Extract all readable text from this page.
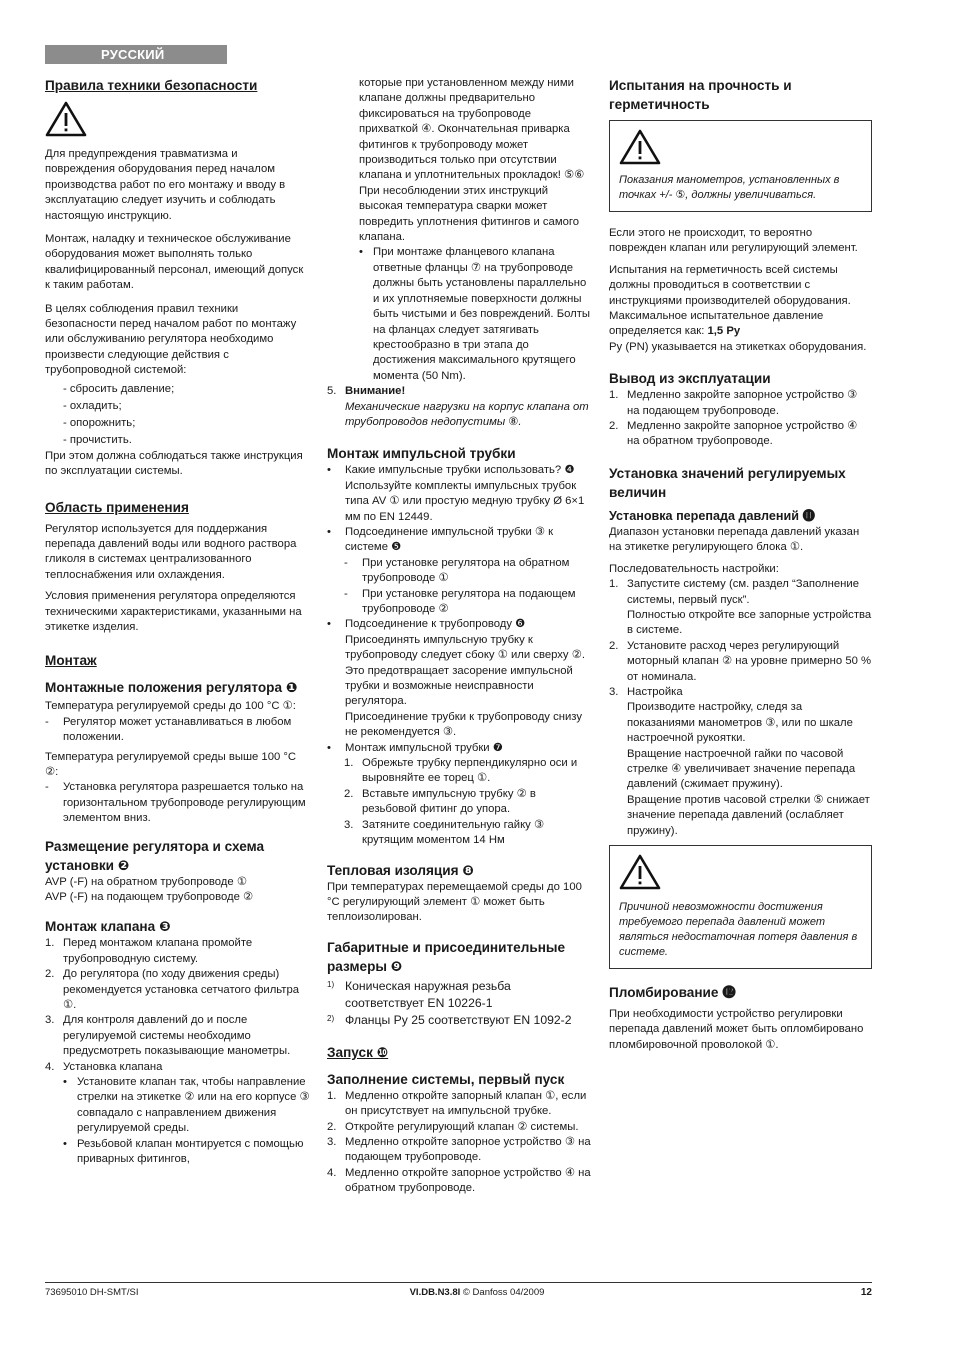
РУССКИЙ
Правила техники безопасности

Для предупреждения травматизма и повреждения оборудования перед началом производства работ по его монтажу и вводу в эксплуатацию следует изучить и соблюдать настоящую инструкцию.

Монтаж, наладку и техническое обслуживание оборудования может выполнять только квалифицированный персонал, имеющий допуск к таким работам.

В целях соблюдения правил техники безопасности перед началом работ по монтажу или обслуживанию регулятора необходимо произвести следующие действия с трубопроводной системой:

- сбросить давление;
- охладить;
- опорожнить;
- прочистить.

При этом должна соблюдаться также инструкция по эксплуатации системы.

Область применения

Регулятор используется для поддержания перепада давлений воды или водного раствора гликоля в системах централизованного теплоснабжения или охлаждения.

Условия применения регулятора определяются техническими характеристиками, указанными на этикетке изделия.

Монтаж
Монтажные положения регулятора ❶

Температура регулируемой среды до 100 °C ①:

- Регулятор может устанавливаться в любом положении.

Температура регулируемой среды выше 100 °C ②:

- Установка регулятора разрешается только на горизонтальном трубопроводе регулирующим элементом вниз.
Размещение регулятора и схема установки ❷
AVP (-F) на обратном трубопроводе ①
AVP (-F) на подающем трубопроводе ②
Монтаж клапана ❸
1. Перед монтажом клапана промойте трубопроводную систему.
2. До регулятора (по ходу движения среды) рекомендуется установка сетчатого фильтра ①.
3. Для контроля давлений до и после регулируемой системы необходимо предусмотреть показывающие манометры.
4. Установка клапана
• Установите клапан так, чтобы направление стрелки на этикетке ② или на его корпусе ③ совпадало с направлением движения регулируемой среды.
• Резьбовой клапан монтируется с помощью приварных фитингов,

которые при установленном между ними клапане должны предварительно фиксироваться на трубопроводе прихваткой ④. Окончательная приварка фитингов к трубопроводу может производиться только при отсутствии клапана и уплотнительных прокладок! ⑤⑥ При несоблюдении этих инструкций высокая температура сварки может повредить уплотнения фитингов и самого клапана.

• При монтаже фланцевого клапана ответные фланцы ⑦ на трубопроводе должны быть установлены параллельно и их уплотняемые поверхности должны быть чистыми и без повреждений. Болты на фланцах следует затягивать крестообразно в три этапа до достижения максимального крутящего момента (50 Nm).
5. Внимание!
Механические нагрузки на корпус клапана от трубопроводов недопустимы ⑧.
Монтаж импульсной трубки
• Какие импульсные трубки использовать? ❹
Используйте комплекты импульсных трубок типа AV ① или простую медную трубку Ø 6×1 мм по EN 12449.
• Подсоединение импульсной трубки ③ к системе ❺
- При установке регулятора на обратном трубопроводе ①
- При установке регулятора на подающем трубопроводе ②
• Подсоединение к трубопроводу ❻
Присоединять импульсную трубку к трубопроводу следует сбоку ① или сверху ②.
Это предотвращает засорение импульсной трубки и возможные неисправности регулятора.
Присоединение трубки к трубопроводу снизу не рекомендуется ③.
• Монтаж импульсной трубки ❼
1. Обрежьте трубку перпендикулярно оси и выровняйте ее торец ①.
2. Вставьте импульсную трубку ② в резьбовой фитинг до упора.
3. Затяните соединительную гайку ③ крутящим моментом 14 Нм
Тепловая изоляция ❽

При температурах перемещаемой среды до 100 °C регулирующий элемент ① может быть теплоизолирован.

Габаритные и присоединительные размеры ❾
1) Коническая наружная резьба соответствует EN 10226-1
2) Фланцы Ру 25 соответствуют EN 1092-2
Запуск ❿
Заполнение системы, первый пуск
1. Медленно откройте запорный клапан ①, если он присутствует на импульсной трубке.
2. Откройте регулирующий клапан ② системы.
3. Медленно откройте запорное устройство ③ на подающем трубопроводе.
4. Медленно откройте запорное устройство ④ на обратном трубопроводе.
Испытания на прочность и герметичность

Показания манометров, установленных в точках +/- ⑤, должны увеличиваться.

Если этого не происходит, то вероятно поврежден клапан или регулирующий элемент.

Испытания на герметичность всей системы должны проводиться в соответствии с инструкциями производителей оборудования.

Максимальное испытательное давление определяется как: 1,5 Ру

Ру (PN) указывается на этикетках оборудования.

Вывод из эксплуатации
1. Медленно закройте запорное устройство ③ на подающем трубопроводе.
2. Медленно закройте запорное устройство ④ на обратном трубопроводе.
Установка значений регулируемых величин
Установка перепада давлений ⓫

Диапазон установки перепада давлений указан на этикетке регулирующего блока ①.

Последовательность настройки:

1. Запустите систему (см. раздел “Заполнение системы, первый пуск”.
Полностью откройте все запорные устройства в системе.
2. Установите расход через регулирующий моторный клапан ② на уровне примерно 50 % от номинала.
3. Настройка
Производите настройку, следя за показаниями манометров ③, или по шкале настроечной рукоятки.
Вращение настроечной гайки по часовой стрелке ④ увеличивает значение перепада давлений (сжимает пружину).
Вращение против часовой стрелки ⑤ снижает значение перепада давлений (ослабляет пружину).

Причиной невозможности достижения требуемого перепада давлений может являться недостаточная потеря давления в системе.

Пломбирование ⓬

При необходимости устройство регулировки перепада давлений может быть опломбировано пломбировочной проволокой ①.

73695010 DH-SMT/SI	VI.DB.N3.8I © Danfoss 04/2009	12
